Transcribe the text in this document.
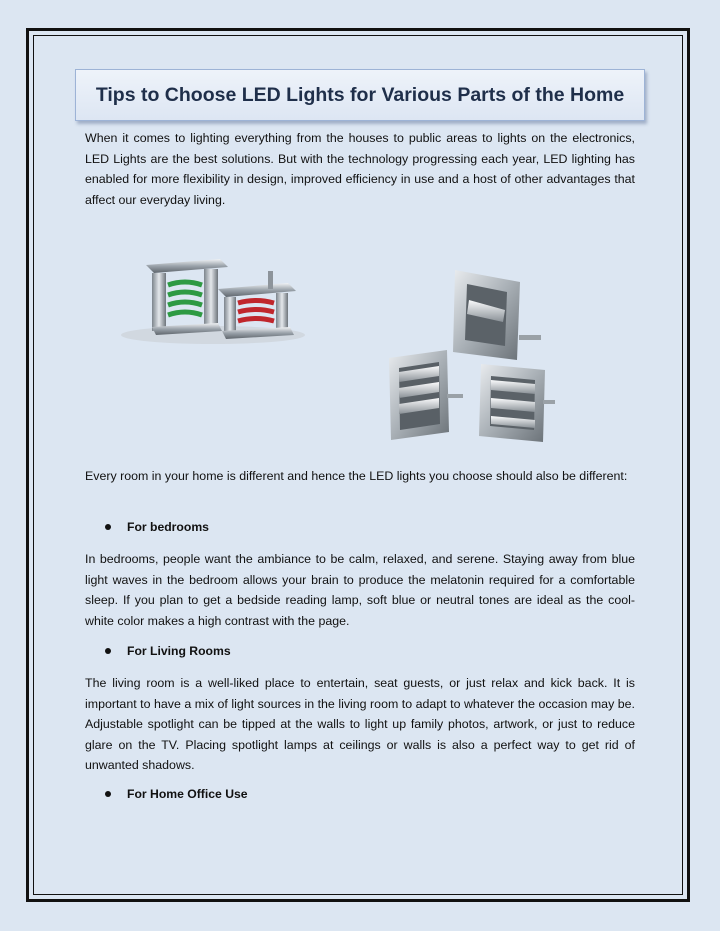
Tips to Choose LED Lights for Various Parts of the Home

When it comes to lighting everything from the houses to public areas to lights on the electronics, LED Lights are the best solutions. But with the technology progressing each year, LED lighting has enabled for more flexibility in design, improved efficiency in use and a host of other advantages that affect our everyday living.

Every room in your home is different and hence the LED lights you choose should also be different:

For bedrooms

In bedrooms, people want the ambiance to be calm, relaxed, and serene. Staying away from blue light waves in the bedroom allows your brain to produce the melatonin required for a comfortable sleep. If you plan to get a bedside reading lamp, soft blue or neutral tones are ideal as the cool-white color makes a high contrast with the page.

For Living Rooms

The living room is a well-liked place to entertain, seat guests, or just relax and kick back. It is important to have a mix of light sources in the living room to adapt to whatever the occasion may be. Adjustable spotlight can be tipped at the walls to light up family photos, artwork, or just to reduce glare on the TV. Placing spotlight lamps at ceilings or walls is also a perfect way to get rid of unwanted shadows.

For Home Office Use
